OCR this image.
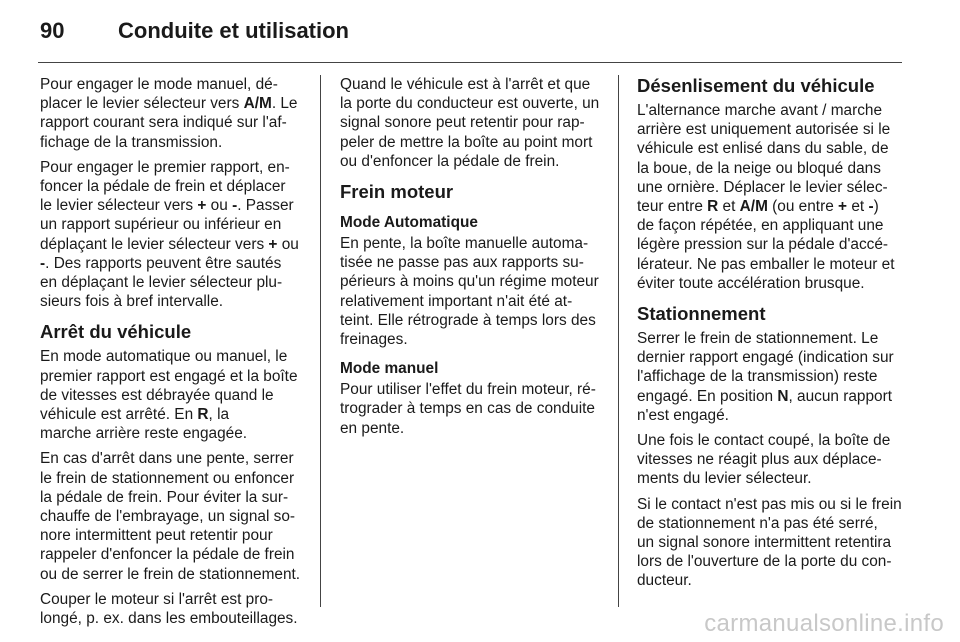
90 Conduite et utilisation

Pour engager le mode manuel, dé-
placer le levier sélecteur vers A/M. Le
rapport courant sera indiqué sur l'af-
fichage de la transmission.

Pour engager le premier rapport, en-
foncer la pédale de frein et déplacer
le levier sélecteur vers + ou -. Passer
un rapport supérieur ou inférieur en
déplaçant le levier sélecteur vers + ou
-. Des rapports peuvent être sautés
en déplaçant le levier sélecteur plu-
sieurs fois à bref intervalle.

Arrêt du véhicule

En mode automatique ou manuel, le
premier rapport est engagé et la boîte
de vitesses est débrayée quand le
véhicule est arrêté. En R, la
marche arrière reste engagée.

En cas d'arrêt dans une pente, serrer
le frein de stationnement ou enfoncer
la pédale de frein. Pour éviter la sur-
chauffe de l'embrayage, un signal so-
nore intermittent peut retentir pour
rappeler d'enfoncer la pédale de frein
ou de serrer le frein de stationnement.

Couper le moteur si l'arrêt est pro-
longé, p. ex. dans les embouteillages.

Quand le véhicule est à l'arrêt et que
la porte du conducteur est ouverte, un
signal sonore peut retentir pour rap-
peler de mettre la boîte au point mort
ou d'enfoncer la pédale de frein.

Frein moteur
Mode Automatique

En pente, la boîte manuelle automa-
tisée ne passe pas aux rapports su-
périeurs à moins qu'un régime moteur
relativement important n'ait été at-
teint. Elle rétrograde à temps lors des
freinages.

Mode manuel

Pour utiliser l'effet du frein moteur, ré-
trograder à temps en cas de conduite
en pente.

Désenlisement du véhicule

L'alternance marche avant / marche
arrière est uniquement autorisée si le
véhicule est enlisé dans du sable, de
la boue, de la neige ou bloqué dans
une ornière. Déplacer le levier sélec-
teur entre R et A/M (ou entre + et -)
de façon répétée, en appliquant une
légère pression sur la pédale d'accé-
lérateur. Ne pas emballer le moteur et
éviter toute accélération brusque.

Stationnement

Serrer le frein de stationnement. Le
dernier rapport engagé (indication sur
l'affichage de la transmission) reste
engagé. En position N, aucun rapport
n'est engagé.

Une fois le contact coupé, la boîte de
vitesses ne réagit plus aux déplace-
ments du levier sélecteur.

Si le contact n'est pas mis ou si le frein
de stationnement n'a pas été serré,
un signal sonore intermittent retentira
lors de l'ouverture de la porte du con-
ducteur.

carmanualsonline.info
